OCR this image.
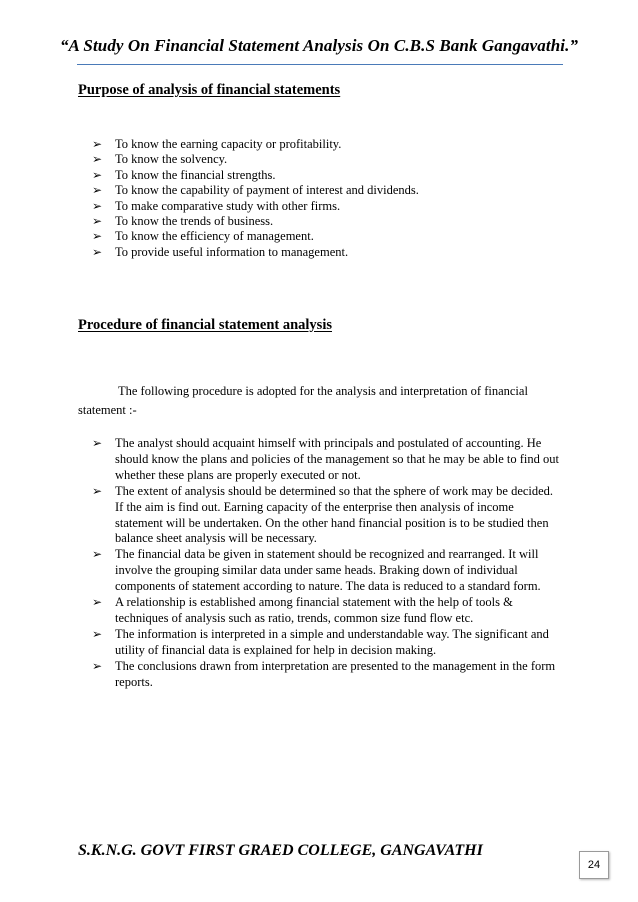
“A Study On Financial Statement Analysis On C.B.S Bank Gangavathi.”
Purpose of analysis of financial statements
➢ To know the earning capacity or profitability.
➢ To know the solvency.
➢ To know the financial strengths.
➢ To know the capability of payment of interest and dividends.
➢ To make comparative study with other firms.
➢ To know the trends of business.
➢ To know the efficiency of management.
➢ To provide useful information to management.
Procedure of financial statement analysis

The following procedure is adopted for the analysis and interpretation of financial statement :-

➢ The analyst should acquaint himself with principals and postulated of accounting. He should know the plans and policies of the management so that he may be able to find out whether these plans are properly executed or not.
➢ The extent of analysis should be determined so that the sphere of work may be decided. If the aim is find out. Earning capacity of the enterprise then analysis of income statement will be undertaken. On the other hand financial position is to be studied then balance sheet analysis will be necessary.
➢ The financial data be given in statement should be recognized and rearranged. It will involve the grouping similar data under same heads. Braking down of individual components of statement according to nature. The data is reduced to a standard form.
➢ A relationship is established among financial statement with the help of tools & techniques of analysis such as ratio, trends, common size fund flow etc.
➢ The information is interpreted in a simple and understandable way. The significant and utility of financial data is explained for help in decision making.
➢ The conclusions drawn from interpretation are presented to the management in the form reports.
S.K.N.G. GOVT FIRST GRAED COLLEGE, GANGAVATHI
24
